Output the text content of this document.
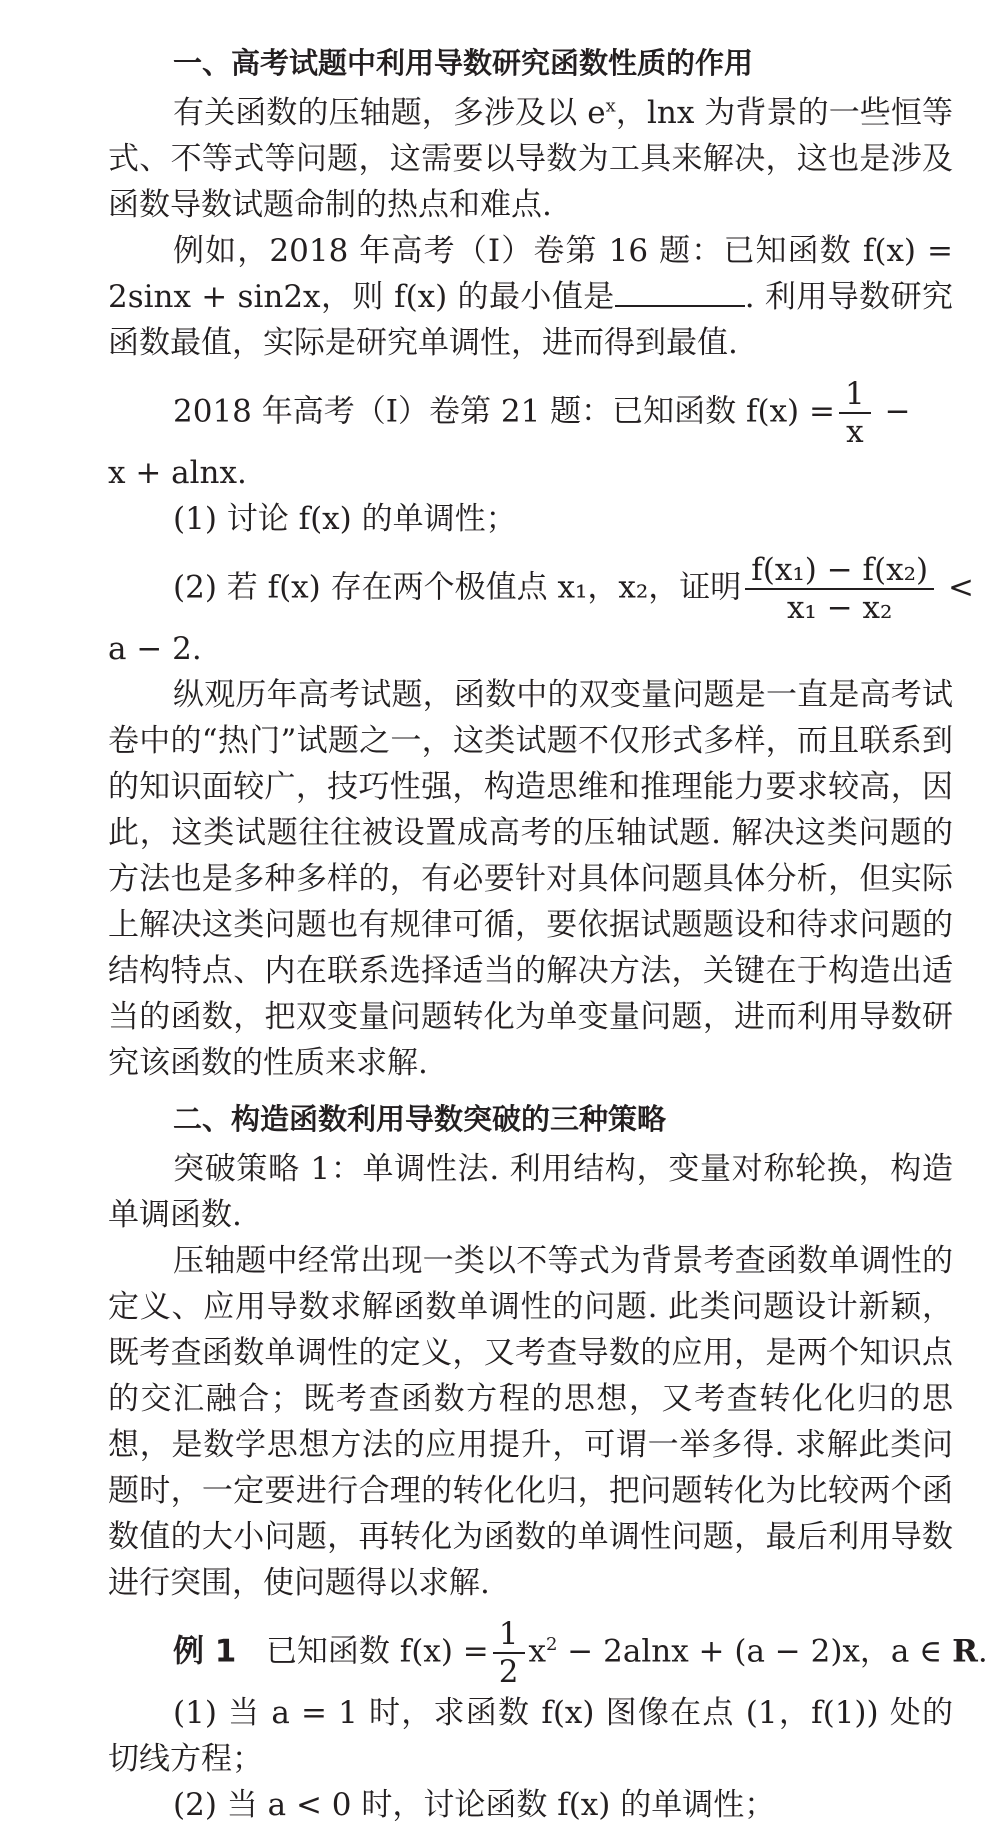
一、高考试题中利用导数研究函数性质的作用

有关函数的压轴题，多涉及以 $e^x$，lnx 为背景的一些恒等式、不等式等问题，这需要以导数为工具来解决，这也是涉及函数导数试题命制的热点和难点.

例如，2018 年高考（Ⅰ）卷第 16 题：已知函数 f(x) = 2sinx + sin2x，则 f(x) 的最小值是	. 利用导数研究函数最值，实际是研究单调性，进而得到最值.

2018 年高考（Ⅰ）卷第 21 题：已知函数 $f(x) = \frac{1}{x}$ −

x + alnx.

(1) 讨论 f(x) 的单调性；

(2) 若 f(x) 存在两个极值点 x₁，x₂，证明 $\frac{\text{f(x₁) − f(x₂)}}{\text{x₁ − x₂}}$ <

a − 2.

纵观历年高考试题，函数中的双变量问题是一直是高考试卷中的“热门”试题之一，这类试题不仅形式多样，而且联系到的知识面较广，技巧性强，构造思维和推理能力要求较高，因此，这类试题往往被设置成高考的压轴试题. 解决这类问题的方法也是多种多样的，有必要针对具体问题具体分析，但实际上解决这类问题也有规律可循，要依据试题题设和待求问题的结构特点、内在联系选择适当的解决方法，关键在于构造出适当的函数，把双变量问题转化为单变量问题，进而利用导数研究该函数的性质来求解.

二、构造函数利用导数突破的三种策略

突破策略 1：单调性法. 利用结构，变量对称轮换，构造单调函数.

压轴题中经常出现一类以不等式为背景考查函数单调性的定义、应用导数求解函数单调性的问题. 此类问题设计新颖，既考查函数单调性的定义，又考查导数的应用，是两个知识点的交汇融合；既考查函数方程的思想，又考查转化化归的思想，是数学思想方法的应用提升，可谓一举多得. 求解此类问题时，一定要进行合理的转化化归，把问题转化为比较两个函数值的大小问题，再转化为函数的单调性问题，最后利用导数进行突围，使问题得以求解.

例 1 已知函数 $f(x) = \frac{1}{2} x^2 - 2alnx + (a - 2)x$，a ∈ R.

(1) 当 a = 1 时，求函数 f(x) 图像在点 (1，f(1)) 处的切线方程；

(2) 当 a < 0 时，讨论函数 f(x) 的单调性；
